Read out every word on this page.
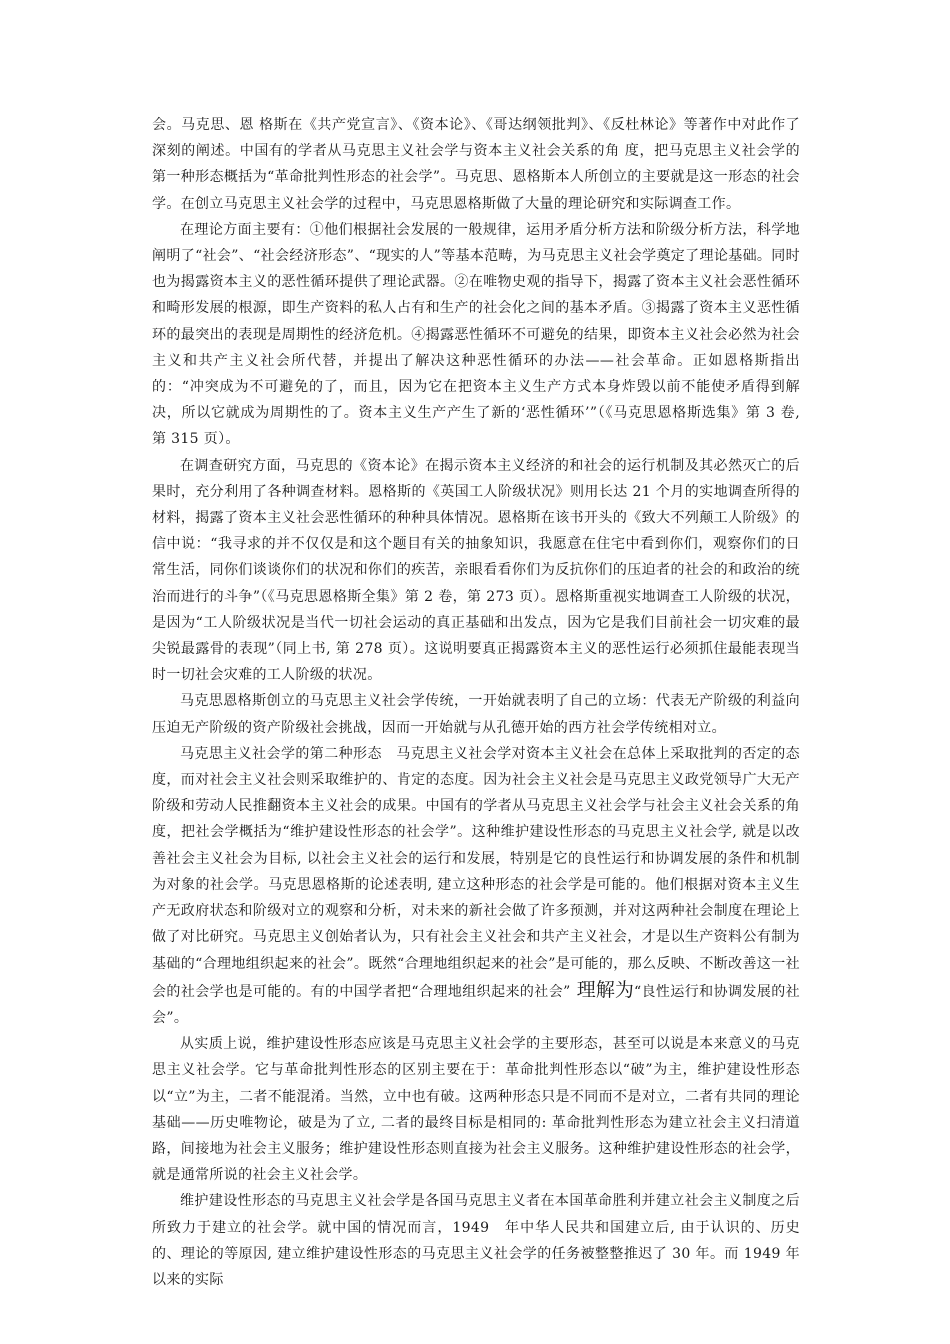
会。马克思、恩 格斯在《共产党宣言》、《资本论》、《哥达纲领批判》、《反杜林论》等著作中对此作了深刻的阐述。中国有的学者从马克思主义社会学与资本主义社会关系的角 度，把马克思主义社会学的第一种形态概括为“革命批判性形态的社会学”。马克思、恩格斯本人所创立的主要就是这一形态的社会学。在创立马克思主义社会学的过程中，马克思恩格斯做了大量的理论研究和实际调查工作。

在理论方面主要有：①他们根据社会发展的一般规律，运用矛盾分析方法和阶级分析方法，科学地阐明了“社会”、“社会经济形态”、“现实的人”等基本范畴，为马克思主义社会学奠定了理论基础。同时也为揭露资本主义的恶性循环提供了理论武器。②在唯物史观的指导下，揭露了资本主义社会恶性循环和畸形发展的根源，即生产资料的私人占有和生产的社会化之间的基本矛盾。③揭露了资本主义恶性循环的最突出的表现是周期性的经济危机。④揭露恶性循环不可避免的结果，即资本主义社会必然为社会主义和共产主义社会所代替，并提出了解决这种恶性循环的办法——社会革命。正如恩格斯指出的：“冲突成为不可避免的了，而且，因为它在把资本主义生产方式本身炸毁以前不能使矛盾得到解决，所以它就成为周期性的了。资本主义生产产生了新的‘恶性循环’”（《马克思恩格斯选集》第 3 卷, 第 315 页）。

在调查研究方面，马克思的《资本论》在揭示资本主义经济的和社会的运行机制及其必然灭亡的后果时，充分利用了各种调查材料。恩格斯的《英国工人阶级状况》则用长达 21 个月的实地调查所得的材料，揭露了资本主义社会恶性循环的种种具体情况。恩格斯在该书开头的《致大不列颠工人阶级》的信中说：“我寻求的并不仅仅是和这个题目有关的抽象知识，我愿意在住宅中看到你们，观察你们的日常生活，同你们谈谈你们的状况和你们的疾苦，亲眼看看你们为反抗你们的压迫者的社会的和政治的统治而进行的斗争”（《马克思恩格斯全集》第 2 卷，第 273 页）。恩格斯重视实地调查工人阶级的状况，是因为“工人阶级状况是当代一切社会运动的真正基础和出发点，因为它是我们目前社会一切灾难的最尖锐最露骨的表现”（同上书, 第 278 页）。这说明要真正揭露资本主义的恶性运行必须抓住最能表现当时一切社会灾难的工人阶级的状况。

马克思恩格斯创立的马克思主义社会学传统，一开始就表明了自己的立场：代表无产阶级的利益向压迫无产阶级的资产阶级社会挑战，因而一开始就与从孔德开始的西方社会学传统相对立。

马克思主义社会学的第二种形态　马克思主义社会学对资本主义社会在总体上采取批判的否定的态度，而对社会主义社会则采取维护的、肯定的态度。因为社会主义社会是马克思主义政党领导广大无产阶级和劳动人民推翻资本主义社会的成果。中国有的学者从马克思主义社会学与社会主义社会关系的角度，把社会学概括为“维护建设性形态的社会学”。这种维护建设性形态的马克思主义社会学, 就是以改善社会主义社会为目标, 以社会主义社会的运行和发展，特别是它的良性运行和协调发展的条件和机制为对象的社会学。马克思恩格斯的论述表明, 建立这种形态的社会学是可能的。他们根据对资本主义生产无政府状态和阶级对立的观察和分析，对未来的新社会做了许多预测，并对这两种社会制度在理论上做了对比研究。马克思主义创始者认为，只有社会主义社会和共产主义社会，才是以生产资料公有制为基础的“合理地组织起来的社会”。既然“合理地组织起来的社会”是可能的，那么反映、不断改善这一社会的社会学也是可能的。有的中国学者把“合理地组织起来的社会” 理解为“良性运行和协调发展的社会”。

从实质上说，维护建设性形态应该是马克思主义社会学的主要形态，甚至可以说是本来意义的马克思主义社会学。它与革命批判性形态的区别主要在于：革命批判性形态以“破”为主，维护建设性形态以“立”为主，二者不能混淆。当然，立中也有破。这两种形态只是不同而不是对立，二者有共同的理论基础——历史唯物论，破是为了立, 二者的最终目标是相同的: 革命批判性形态为建立社会主义扫清道路，间接地为社会主义服务；维护建设性形态则直接为社会主义服务。这种维护建设性形态的社会学，就是通常所说的社会主义社会学。

维护建设性形态的马克思主义社会学是各国马克思主义者在本国革命胜利并建立社会主义制度之后所致力于建立的社会学。就中国的情况而言，1949　年中华人民共和国建立后, 由于认识的、历史的、理论的等原因, 建立维护建设性形态的马克思主义社会学的任务被整整推迟了 30 年。而 1949 年以来的实际
